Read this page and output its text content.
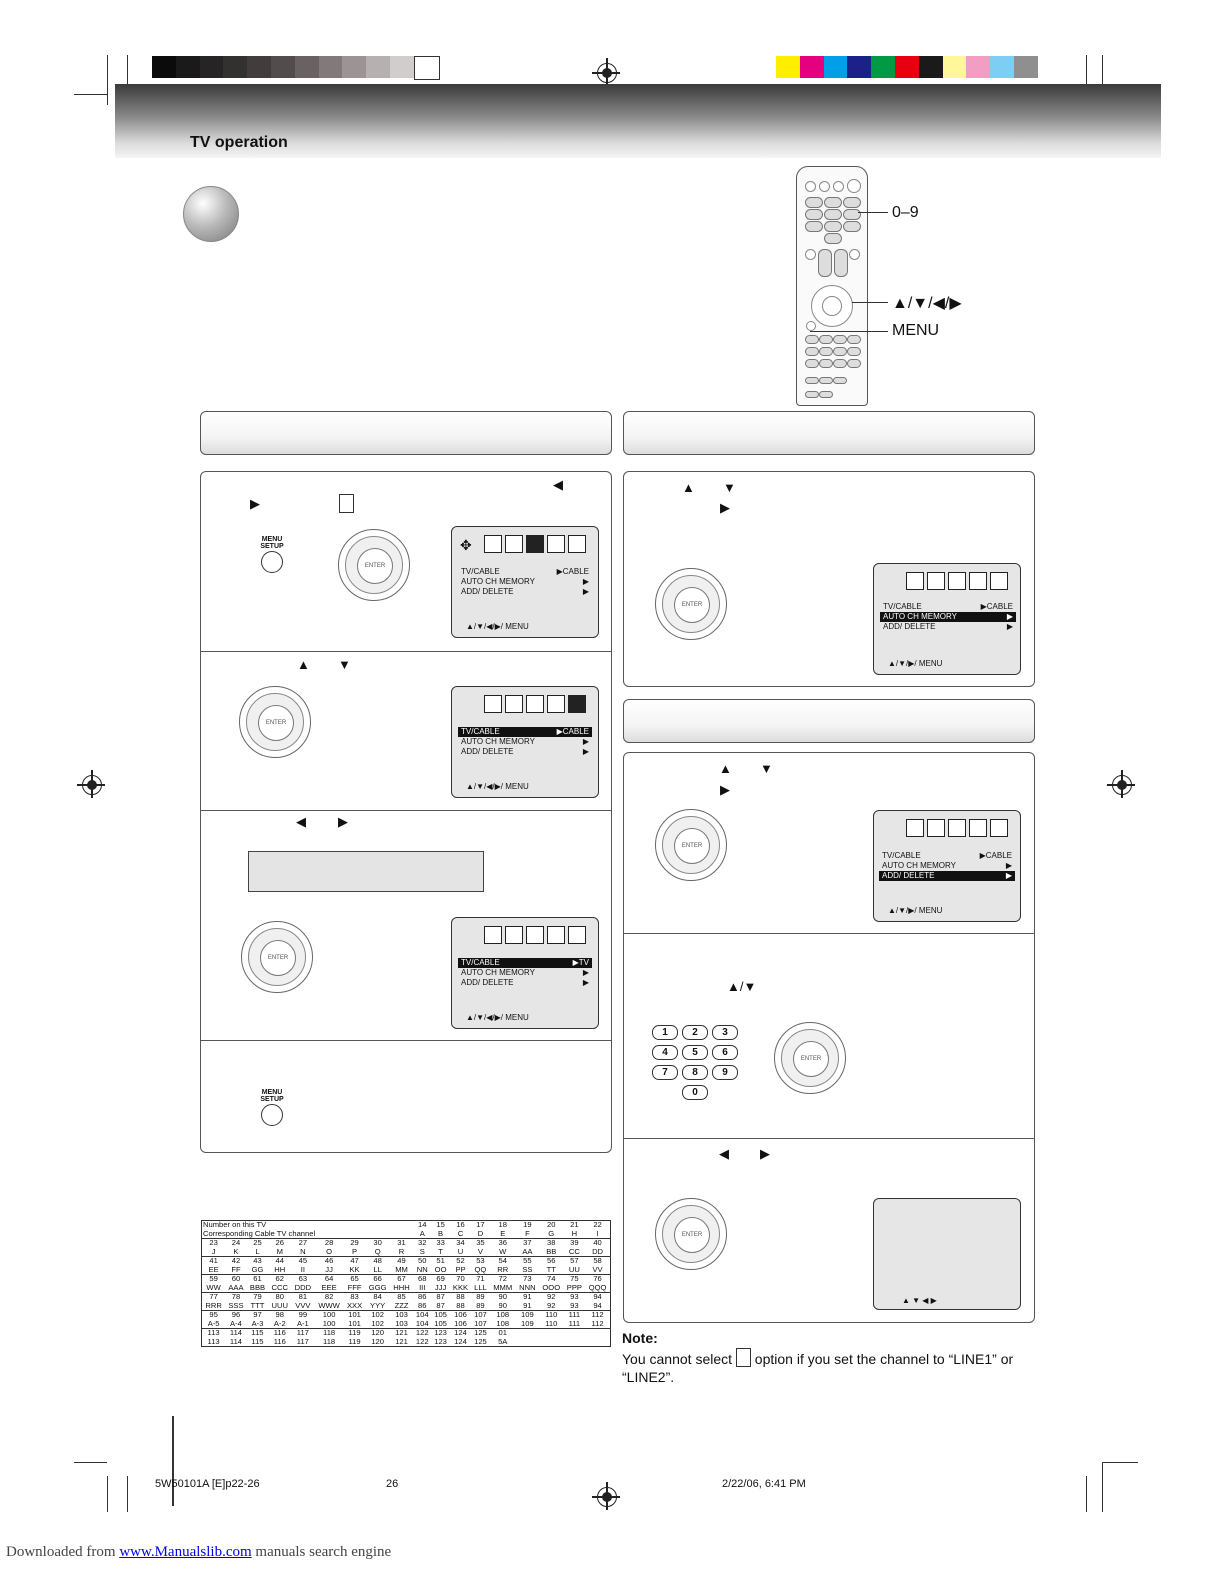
TV operation
0–9
▲/▼/◀/▶
MENU
◀
▶
MENU
SETUP
ENTER
✥
TV/CABLE	▶CABLE
AUTO CH MEMORY	▶
ADD/ DELETE	▶
▲/▼/◀/▶/ MENU
▲ ▼
ENTER
TV/CABLE	▶CABLE
AUTO CH MEMORY	▶
ADD/ DELETE	▶
▲/▼/◀/▶/ MENU
◀ ▶
ENTER	TV/CABLE	▶TV
AUTO CH MEMORY	▶
ADD/ DELETE	▶
▲/▼/◀/▶/ MENU
MENU
SETUP
▲ ▼
▶
ENTER	TV/CABLE	▶CABLE
AUTO CH MEMORY	▶
ADD/ DELETE	▶
▲/▼/▶/ MENU
▲ ▼
▶
ENTER
TV/CABLE	▶CABLE
AUTO CH MEMORY	▶
ADD/ DELETE	▶
▲/▼/▶/ MENU
▲/▼
1	2	3
4	5	6
7	8	9
0
ENTER
◀ ▶
ENTER
▲ ▼ ◀ ▶
Number on this TV									14	15	16	17	18	19	20	21	22
Corresponding Cable TV channel									A	B	C	D	E	F	G	H	I
23	24	25	26	27	28	29	30	31	32	33	34	35	36	37	38	39	40
J	K	L	M	N	O	P	Q	R	S	T	U	V	W	AA	BB	CC	DD
41	42	43	44	45	46	47	48	49	50	51	52	53	54	55	56	57	58
EE	FF	GG	HH	II	JJ	KK	LL	MM	NN	OO	PP	QQ	RR	SS	TT	UU	VV
59	60	61	62	63	64	65	66	67	68	69	70	71	72	73	74	75	76
WW	AAA	BBB	CCC	DDD	EEE	FFF	GGG	HHH	III	JJJ	KKK	LLL	MMM	NNN	OOO	PPP	QQQ
77	78	79	80	81	82	83	84	85	86	87	88	89	90	91	92	93	94
RRR	SSS	TTT	UUU	VVV	WWW	XXX	YYY	ZZZ	86	87	88	89	90	91	92	93	94
95	96	97	98	99	100	101	102	103	104	105	106	107	108	109	110	111	112
A-5	A-4	A-3	A-2	A-1	100	101	102	103	104	105	106	107	108	109	110	111	112
113	114	115	116	117	118	119	120	121	122	123	124	125	01				
113	114	115	116	117	118	119	120	121	122	123	124	125	5A					Note:
You cannot select option if you set the channel to “LINE1” or “LINE2”.
5W50101A [E]p22-26	26	2/22/06, 6:41 PM
Downloaded from www.Manualslib.com manuals search engine
